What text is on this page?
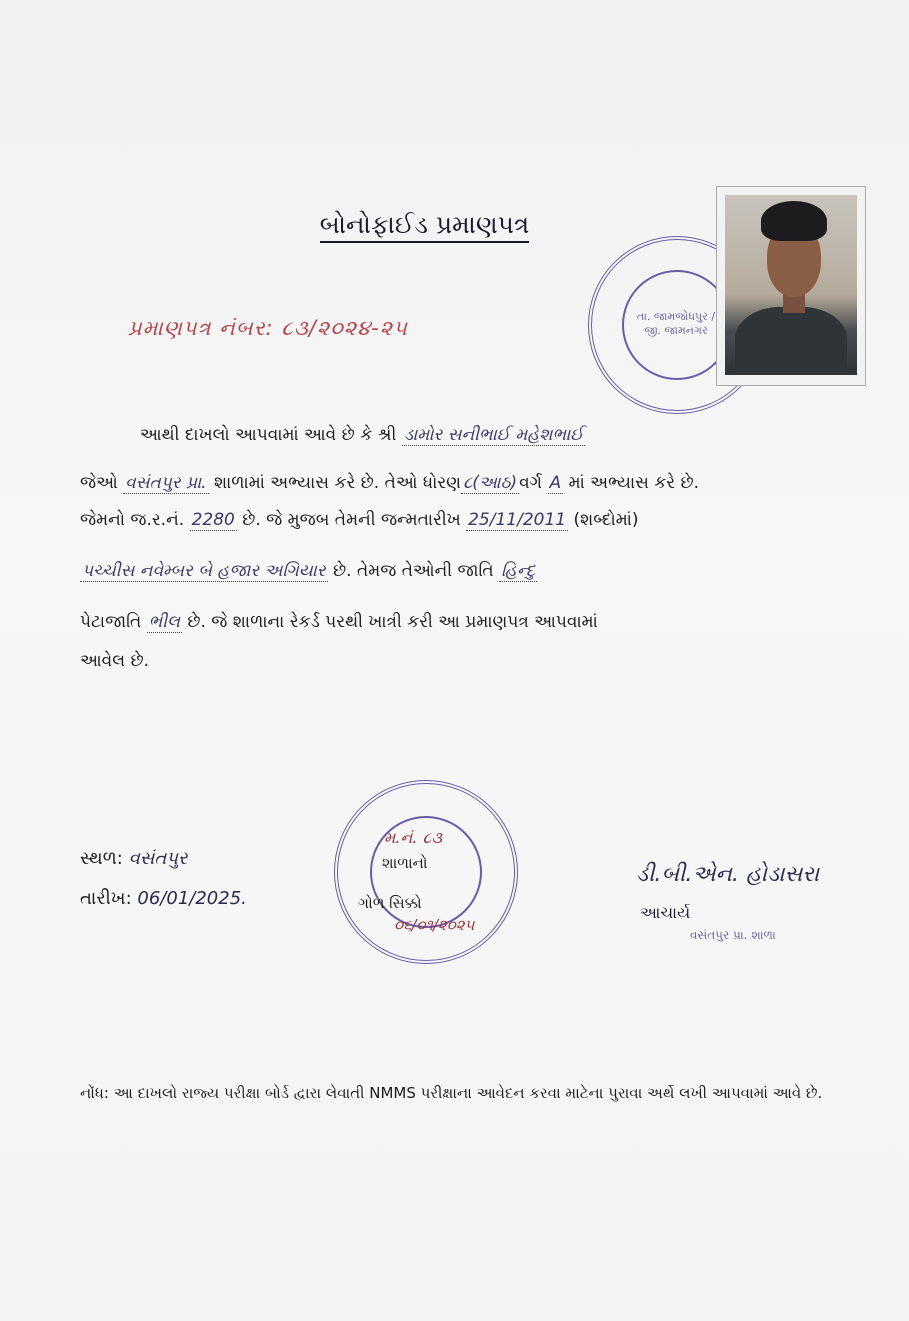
બોનોફાઈડ પ્રમાણપત્ર
પ્રમાણપત્ર નંબર: ૮૩/૨૦૨૪-૨૫	તા. જામજોધપુર / જી. જામનગર
આથી દાખલો આપવામાં આવે છે કે શ્રી ડામોર સનીભાઈ મહેશભાઈ
જેઓ વસંતપુર પ્રા. શાળામાં અભ્યાસ કરે છે. તેઓ ધોરણ ૮(આઠ) વર્ગ A માં અભ્યાસ કરે છે.
જેમનો જ.ર.નં. 2280 છે. જે મુજબ તેમની જન્મતારીખ 25/11/2011 (શબ્દોમાં)
પચ્ચીસ નવેમ્બર બે હજાર અગિયાર છે. તેમજ તેઓની જાતિ હિન્દુ
પેટાજાતિ ભીલ છે. જે શાળાના રેકર્ડ પરથી ખાત્રી કરી આ પ્રમાણપત્ર આપવામાં
આવેલ છે.
મ.નં. ૮૩
શાળાનો
ગોળ સિક્કો
૦૬/૦૧/૨૦૨૫
સ્થળ: વસંતપુર
તારીખ: 06/01/2025.
ડી.બી.એન. હોડાસરા
આચાર્ય
વસંતપુર પ્રા. શાળા
નોંધ: આ દાખલો રાજ્ય પરીક્ષા બોર્ડ દ્વારા લેવાતી NMMS પરીક્ષાના આવેદન કરવા માટેના પુરાવા અર્થે લખી આપવામાં આવે છે.
